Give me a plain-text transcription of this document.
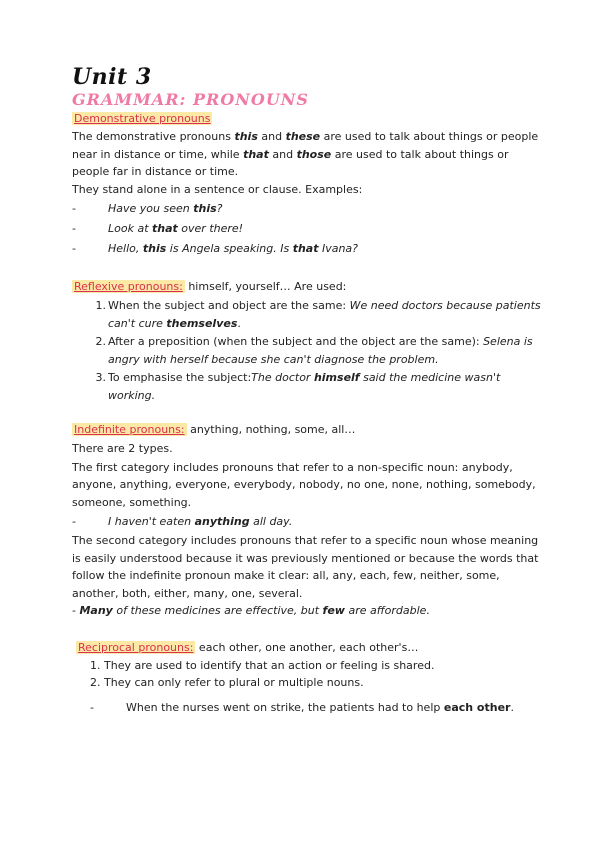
Unit 3
GRAMMAR: PRONOUNS

Demonstrative pronouns

The demonstrative pronouns this and these are used to talk about things or people near in distance or time, while that and those are used to talk about things or people far in distance or time.

They stand alone in a sentence or clause. Examples:

-	Have you seen this?
-	Look at that over there!
-	Hello, this is Angela speaking. Is that Ivana?

Reflexive pronouns: himself, yourself… Are used:

1. When the subject and object are the same: We need doctors because patients can't cure themselves.
2. After a preposition (when the subject and the object are the same): Selena is angry with herself because she can't diagnose the problem.
3. To emphasise the subject:The doctor himself said the medicine wasn't working.

Indefinite pronouns: anything, nothing, some, all…

There are 2 types.

The first category includes pronouns that refer to a non-specific noun: anybody, anyone, anything, everyone, everybody, nobody, no one, none, nothing, somebody, someone, something.

-	I haven't eaten anything all day.

The second category includes pronouns that refer to a specific noun whose meaning is easily understood because it was previously mentioned or because the words that follow the indefinite pronoun make it clear: all, any, each, few, neither, some, another, both, either, many, one, several.

- Many of these medicines are effective, but few are affordable.

Reciprocal pronouns: each other, one another, each other's…

1. They are used to identify that an action or feeling is shared.

2. They can only refer to plural or multiple nouns.

-	When the nurses went on strike, the patients had to help each other.
